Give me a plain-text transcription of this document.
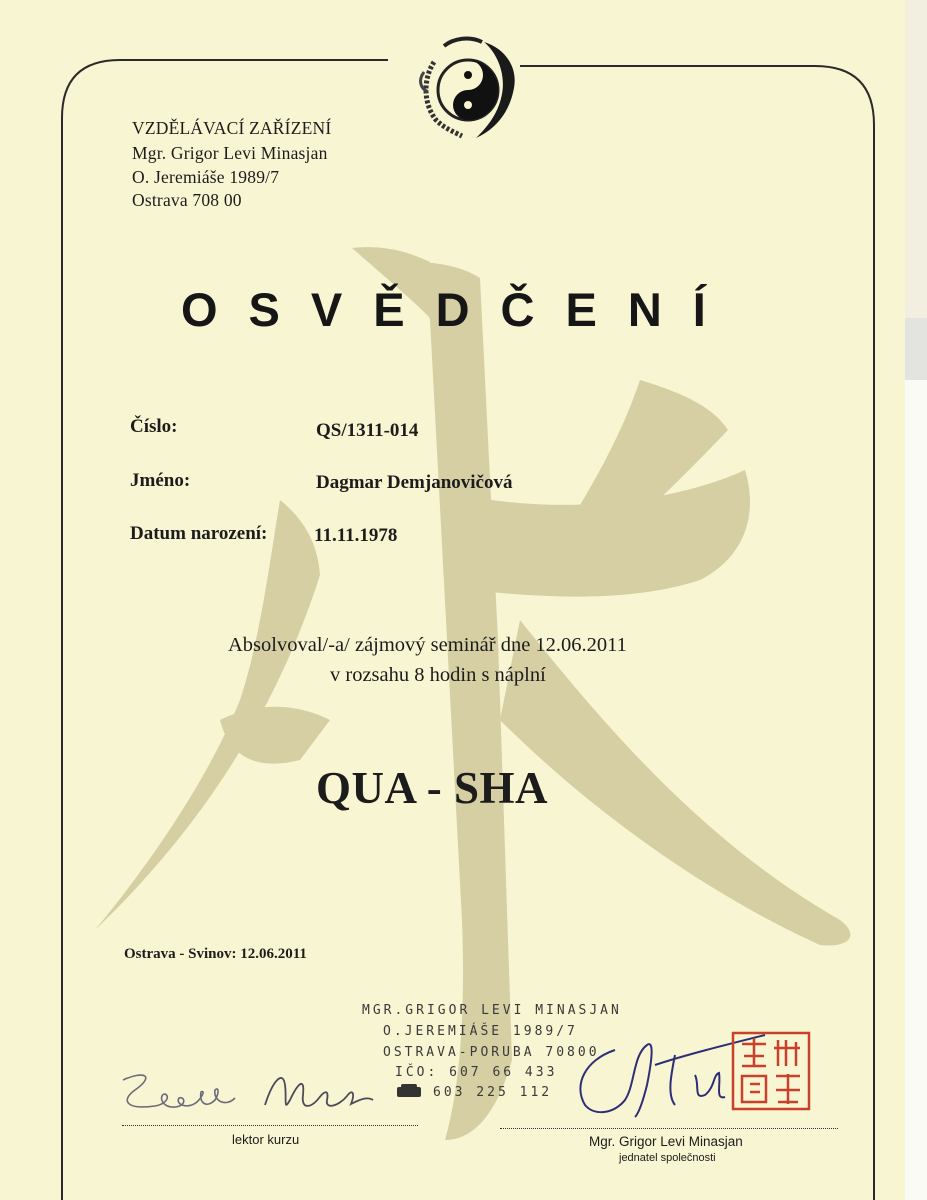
VZDĚLÁVACÍ ZAŘÍZENÍ
Mgr. Grigor Levi Minasjan
O. Jeremiáše 1989/7
Ostrava 708 00
OSVĚDČENÍ
Číslo:	QS/1311-014
Jméno:	Dagmar Demjanovičová
Datum narození: 11.11.1978
Absolvoval/-a/ zájmový seminář dne 12.06.2011
v rozsahu 8 hodin s náplní
QUA - SHA
Ostrava - Svinov: 12.06.2011
MGR.GRIGOR LEVI MINASJAN
O.JEREMIÁŠE 1989/7
OSTRAVA-PORUBA 70800
IČO: 607 66 433
603 225 112
lektor kurzu	Mgr. Grigor Levi Minasjan
jednatel společnosti
